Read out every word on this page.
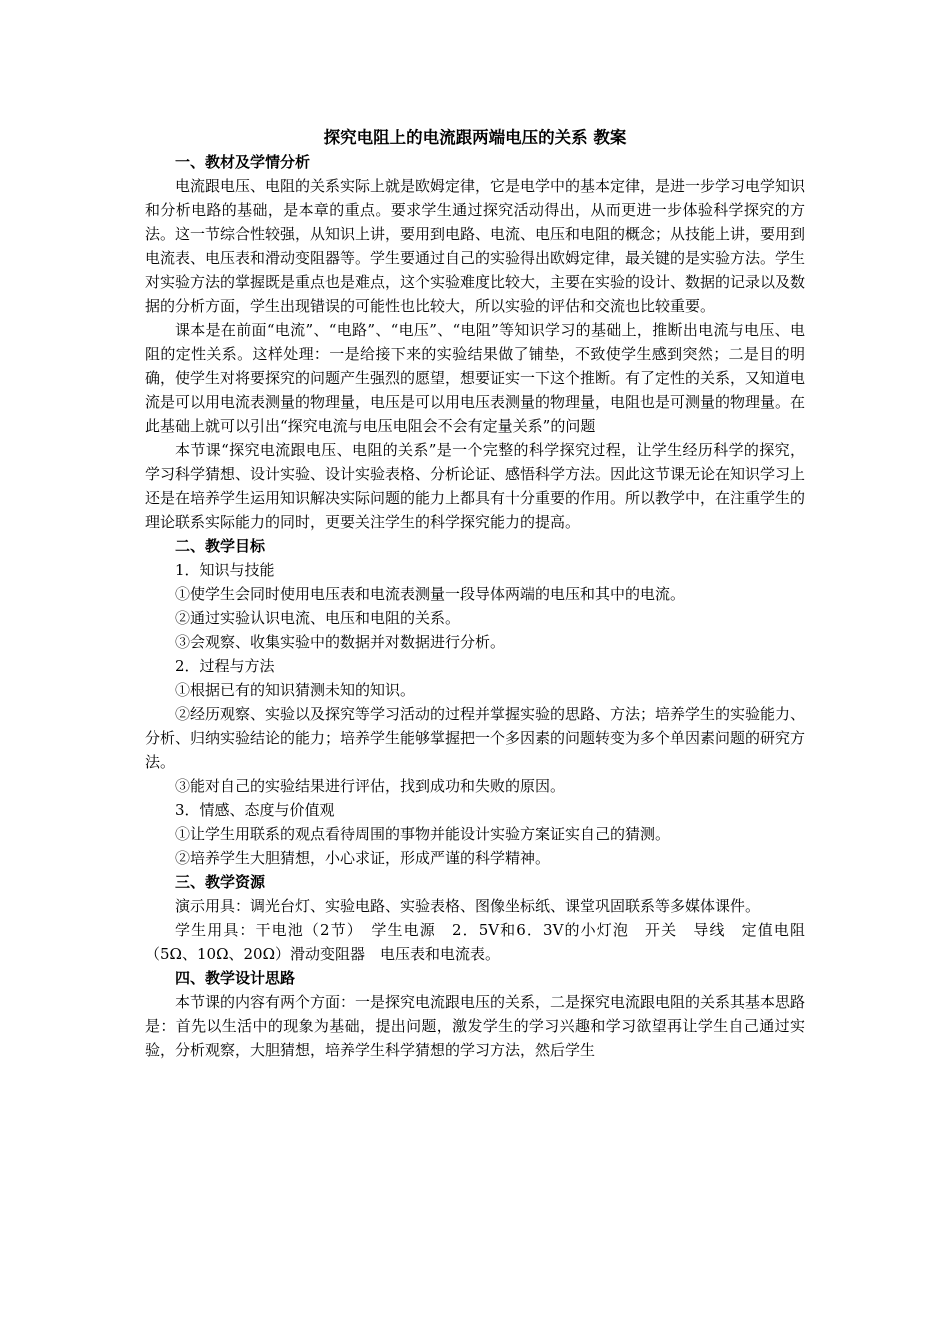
探究电阻上的电流跟两端电压的关系 教案
一、教材及学情分析

电流跟电压、电阻的关系实际上就是欧姆定律，它是电学中的基本定律，是进一步学习电学知识和分析电路的基础，是本章的重点。要求学生通过探究活动得出，从而更进一步体验科学探究的方法。这一节综合性较强，从知识上讲，要用到电路、电流、电压和电阻的概念；从技能上讲，要用到电流表、电压表和滑动变阻器等。学生要通过自己的实验得出欧姆定律，最关键的是实验方法。学生对实验方法的掌握既是重点也是难点，这个实验难度比较大，主要在实验的设计、数据的记录以及数据的分析方面，学生出现错误的可能性也比较大，所以实验的评估和交流也比较重要。

课本是在前面“电流”、“电路”、“电压”、“电阻”等知识学习的基础上，推断出电流与电压、电阻的定性关系。这样处理：一是给接下来的实验结果做了铺垫，不致使学生感到突然；二是目的明确，使学生对将要探究的问题产生强烈的愿望，想要证实一下这个推断。有了定性的关系，又知道电流是可以用电流表测量的物理量，电压是可以用电压表测量的物理量，电阻也是可测量的物理量。在此基础上就可以引出“探究电流与电压电阻会不会有定量关系”的问题

本节课“探究电流跟电压、电阻的关系”是一个完整的科学探究过程，让学生经历科学的探究，学习科学猜想、设计实验、设计实验表格、分析论证、感悟科学方法。因此这节课无论在知识学习上还是在培养学生运用知识解决实际问题的能力上都具有十分重要的作用。所以教学中，在注重学生的理论联系实际能力的同时，更要关注学生的科学探究能力的提高。

二、教学目标

1．知识与技能

①使学生会同时使用电压表和电流表测量一段导体两端的电压和其中的电流。

②通过实验认识电流、电压和电阻的关系。

③会观察、收集实验中的数据并对数据进行分析。

2．过程与方法

①根据已有的知识猜测未知的知识。

②经历观察、实验以及探究等学习活动的过程并掌握实验的思路、方法；培养学生的实验能力、分析、归纳实验结论的能力；培养学生能够掌握把一个多因素的问题转变为多个单因素问题的研究方法。

③能对自己的实验结果进行评估，找到成功和失败的原因。

3．情感、态度与价值观

①让学生用联系的观点看待周围的事物并能设计实验方案证实自己的猜测。

②培养学生大胆猜想，小心求证，形成严谨的科学精神。

三、教学资源

演示用具：调光台灯、实验电路、实验表格、图像坐标纸、课堂巩固联系等多媒体课件。

学生用具：干电池（2节）　学生电源　2．5V和6．3V的小灯泡　开关　导线　定值电阻（5Ω、10Ω、20Ω）滑动变阻器　电压表和电流表。

四、教学设计思路

本节课的内容有两个方面：一是探究电流跟电压的关系，二是探究电流跟电阻的关系其基本思路是：首先以生活中的现象为基础，提出问题，激发学生的学习兴趣和学习欲望再让学生自己通过实验，分析观察，大胆猜想，培养学生科学猜想的学习方法，然后学生
